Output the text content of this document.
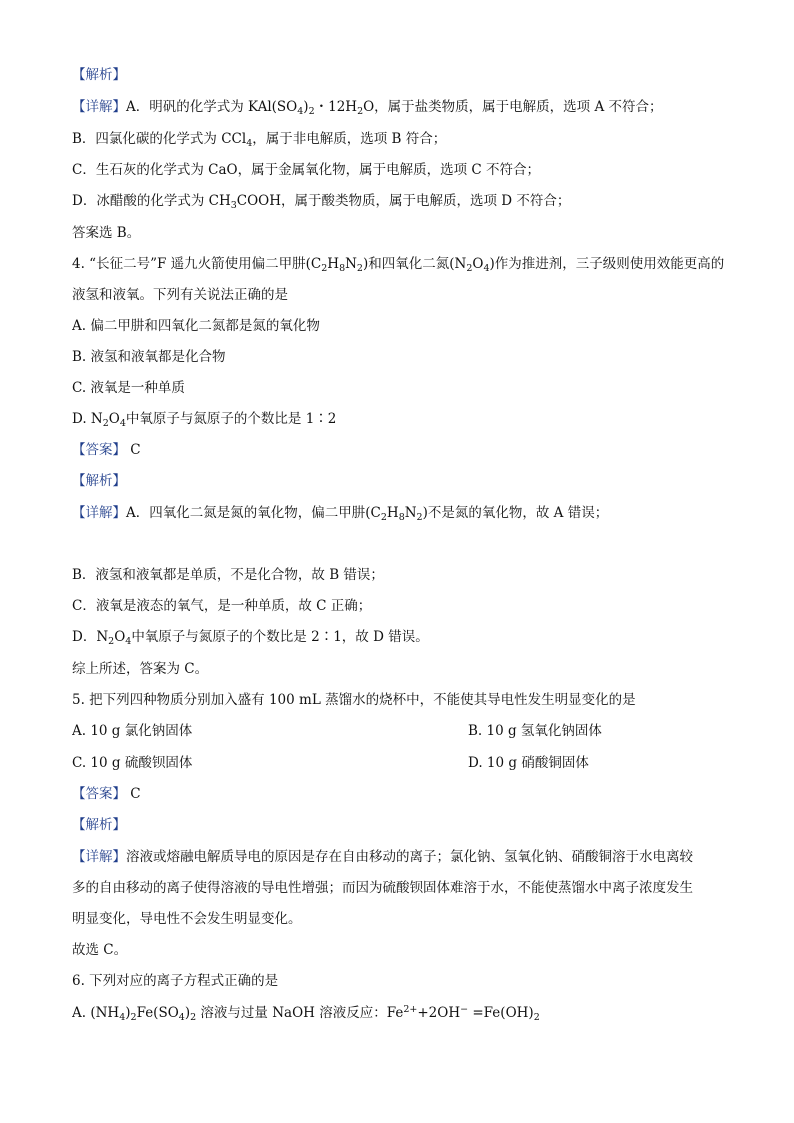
【解析】
【详解】A．明矾的化学式为 $KAl(SO_4)_2$・$12H_2O$，属于盐类物质，属于电解质，选项 A 不符合；
B．四氯化碳的化学式为 CCl$_4$，属于非电解质，选项 B 符合；
C．生石灰的化学式为 CaO，属于金属氧化物，属于电解质，选项 C 不符合；
D．冰醋酸的化学式为 $CH_3COOH$，属于酸类物质，属于电解质，选项 D 不符合；
答案选 B。
4. “长征二号”F 遥九火箭使用偏二甲肼$(C_2H_8N_2)$和四氧化二氮$(N_2O_4)$作为推进剂，三子级则使用效能更高的
液氢和液氧。下列有关说法正确的是
A. 偏二甲肼和四氧化二氮都是氮的氧化物
B. 液氢和液氧都是化合物
C. 液氧是一种单质
D. $N_2O_4$中氧原子与氮原子的个数比是 1∶2
【答案】 C
【解析】
【详解】A．四氧化二氮是氮的氧化物，偏二甲肼$(C_2H_8N_2)$不是氮的氧化物，故 A 错误；
B．液氢和液氧都是单质，不是化合物，故 B 错误；
C．液氧是液态的氧气，是一种单质，故 C 正确；
D．$N_2O_4$中氧原子与氮原子的个数比是 2∶1，故 D 错误。
综上所述，答案为 C。
5. 把下列四种物质分别加入盛有 100 mL 蒸馏水的烧杯中，不能使其导电性发生明显变化的是
A. 10 g 氯化钠固体	B. 10 g 氢氧化钠固体
C. 10 g 硫酸钡固体	D. 10 g 硝酸铜固体
【答案】 C
【解析】
【详解】溶液或熔融电解质导电的原因是存在自由移动的离子；氯化钠、氢氧化钠、硝酸铜溶于水电离较
多的自由移动的离子使得溶液的导电性增强；而因为硫酸钡固体难溶于水，不能使蒸馏水中离子浓度发生
明显变化，导电性不会发生明显变化。
故选 C。
6. 下列对应的离子方程式正确的是
A. $(NH_4)_2Fe(SO_4)_2$ 溶液与过量 NaOH 溶液反应：$Fe^{2+}+2OH^- =Fe(OH)_2$
